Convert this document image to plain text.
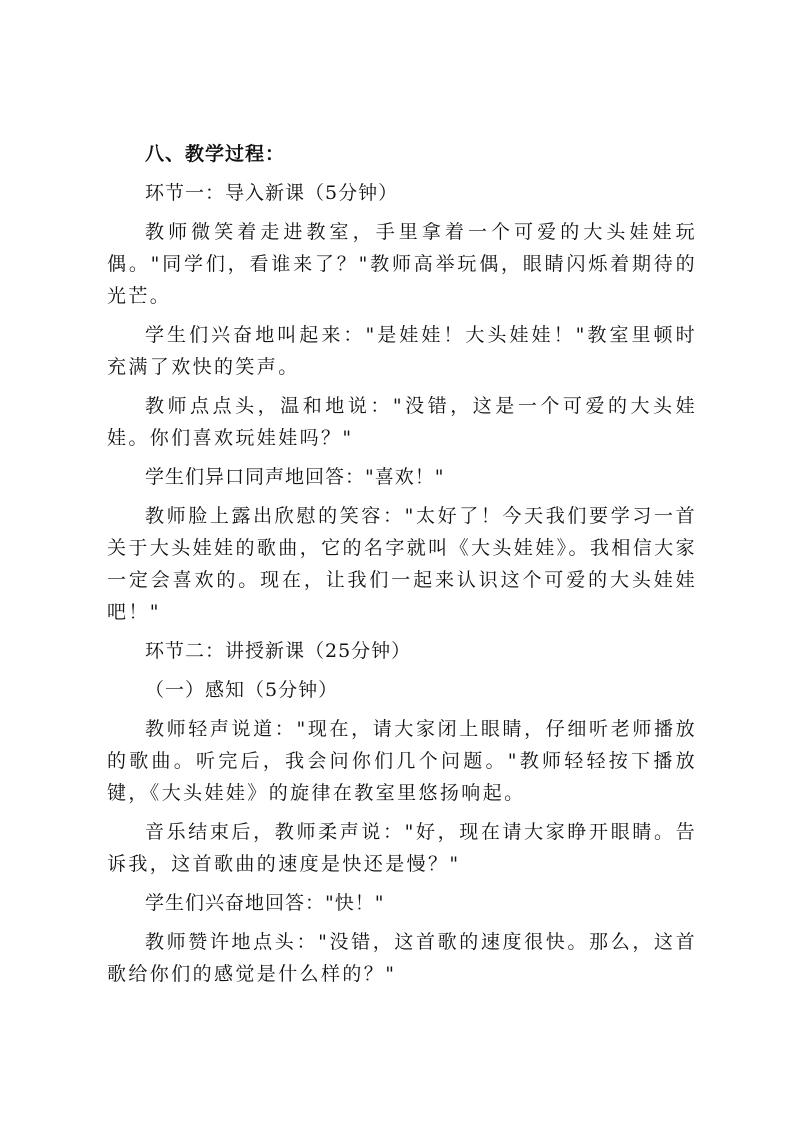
八、教学过程：

环节一：导入新课（5分钟）

教师微笑着走进教室，手里拿着一个可爱的大头娃娃玩偶。"同学们，看谁来了？"教师高举玩偶，眼睛闪烁着期待的光芒。

学生们兴奋地叫起来："是娃娃！大头娃娃！"教室里顿时充满了欢快的笑声。

教师点点头，温和地说："没错，这是一个可爱的大头娃娃。你们喜欢玩娃娃吗？"

学生们异口同声地回答："喜欢！"

教师脸上露出欣慰的笑容："太好了！今天我们要学习一首关于大头娃娃的歌曲，它的名字就叫《大头娃娃》。我相信大家一定会喜欢的。现在，让我们一起来认识这个可爱的大头娃娃吧！"

环节二：讲授新课（25分钟）

（一）感知（5分钟）

教师轻声说道："现在，请大家闭上眼睛，仔细听老师播放的歌曲。听完后，我会问你们几个问题。"教师轻轻按下播放键，《大头娃娃》的旋律在教室里悠扬响起。

音乐结束后，教师柔声说："好，现在请大家睁开眼睛。告诉我，这首歌曲的速度是快还是慢？"

学生们兴奋地回答："快！"

教师赞许地点头："没错，这首歌的速度很快。那么，这首歌给你们的感觉是什么样的？"
